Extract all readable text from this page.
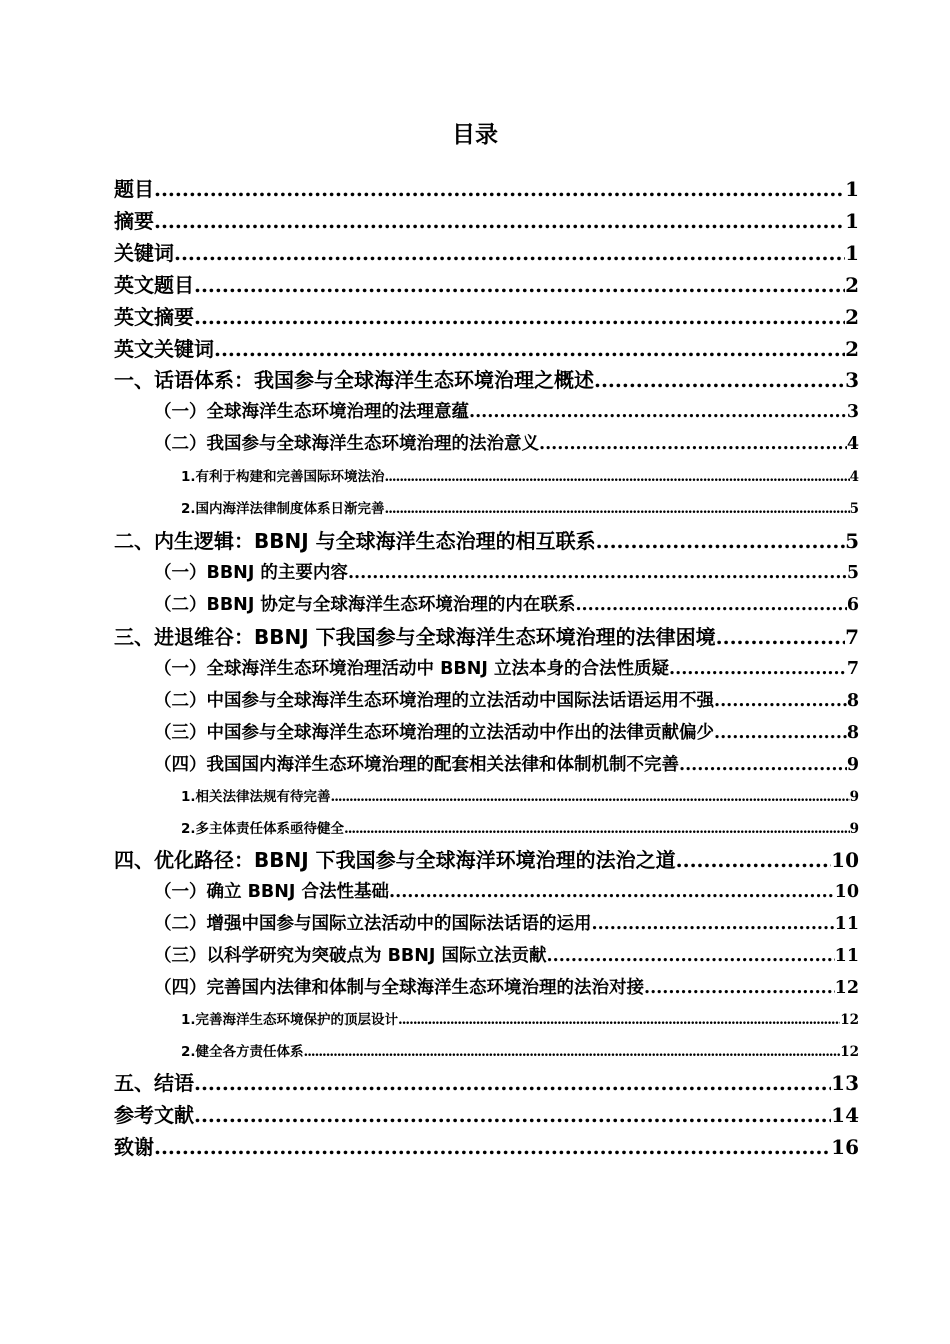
目录
题目 .....	1
摘要 .....	1
关键词 .....	1
英文题目 .....	2
英文摘要 .....	2
英文关键词 .....	2
一、话语体系：我国参与全球海洋生态环境治理之概述 .....	3
（一）全球海洋生态环境治理的法理意蕴 .....	3
（二）我国参与全球海洋生态环境治理的法治意义 .....	4
1.有利于构建和完善国际环境法治 .....	4
2.国内海洋法律制度体系日渐完善 .....	5
二、内生逻辑：BBNJ 与全球海洋生态治理的相互联系 .....	5
（一）BBNJ 的主要内容 .....	5
（二）BBNJ 协定与全球海洋生态环境治理的内在联系 .....	6
三、进退维谷：BBNJ 下我国参与全球海洋生态环境治理的法律困境 .....	7
（一）全球海洋生态环境治理活动中 BBNJ 立法本身的合法性质疑 .....	7
（二）中国参与全球海洋生态环境治理的立法活动中国际法话语运用不强 .....	8
（三）中国参与全球海洋生态环境治理的立法活动中作出的法律贡献偏少 .....	8
（四）我国国内海洋生态环境治理的配套相关法律和体制机制不完善 .....	9
1.相关法律法规有待完善 .....	9
2.多主体责任体系亟待健全 .....	9
四、优化路径：BBNJ 下我国参与全球海洋环境治理的法治之道 .....	10
（一）确立 BBNJ 合法性基础 .....	10
（二）增强中国参与国际立法活动中的国际法话语的运用 .....	11
（三）以科学研究为突破点为 BBNJ 国际立法贡献 .....	11
（四）完善国内法律和体制与全球海洋生态环境治理的法治对接 .....	12
1.完善海洋生态环境保护的顶层设计 .....	12
2.健全各方责任体系 .....	12
五、结语 .....	13
参考文献 .....	14
致谢 .....	16
